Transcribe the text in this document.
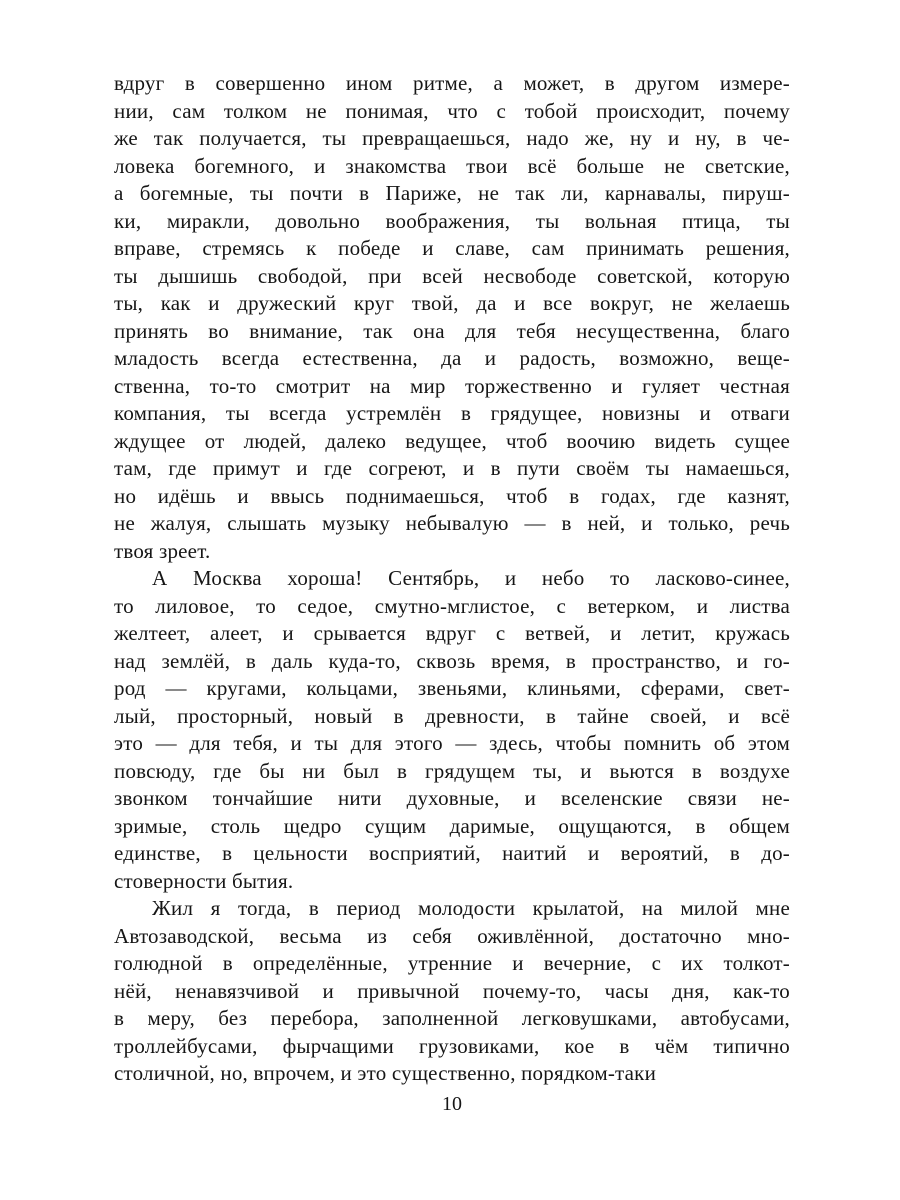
вдруг в совершенно ином ритме, а может, в другом измере-
нии, сам толком не понимая, что с тобой происходит, почему
же так получается, ты превращаешься, надо же, ну и ну, в че-
ловека богемного, и знакомства твои всё больше не светские,
а богемные, ты почти в Париже, не так ли, карнавалы, пируш-
ки, миракли, довольно воображения, ты вольная птица, ты
вправе, стремясь к победе и славе, сам принимать решения,
ты дышишь свободой, при всей несвободе советской, которую
ты, как и дружеский круг твой, да и все вокруг, не желаешь
принять во внимание, так она для тебя несущественна, благо
младость всегда естественна, да и радость, возможно, веще-
ственна, то-то смотрит на мир торжественно и гуляет честная
компания, ты всегда устремлён в грядущее, новизны и отваги
ждущее от людей, далеко ведущее, чтоб воочию видеть сущее
там, где примут и где согреют, и в пути своём ты намаешься,
но идёшь и ввысь поднимаешься, чтоб в годах, где казнят,
не жалуя, слышать музыку небывалую — в ней, и только, речь
твоя зреет.
А Москва хороша! Сентябрь, и небо то ласково-синее,
то лиловое, то седое, смутно-мглистое, с ветерком, и листва
желтеет, алеет, и срывается вдруг с ветвей, и летит, кружась
над землёй, в даль куда-то, сквозь время, в пространство, и го-
род — кругами, кольцами, звеньями, клиньями, сферами, свет-
лый, просторный, новый в древности, в тайне своей, и всё
это — для тебя, и ты для этого — здесь, чтобы помнить об этом
повсюду, где бы ни был в грядущем ты, и вьются в воздухе
звонком тончайшие нити духовные, и вселенские связи не-
зримые, столь щедро сущим даримые, ощущаются, в общем
единстве, в цельности восприятий, наитий и вероятий, в до-
стоверности бытия.
Жил я тогда, в период молодости крылатой, на милой мне
Автозаводской, весьма из себя оживлённой, достаточно мно-
голюдной в определённые, утренние и вечерние, с их толкот-
нёй, ненавязчивой и привычной почему-то, часы дня, как-то
в меру, без перебора, заполненной легковушками, автобусами,
троллейбусами, фырчащими грузовиками, кое в чём типично
столичной, но, впрочем, и это существенно, порядком-таки
10
